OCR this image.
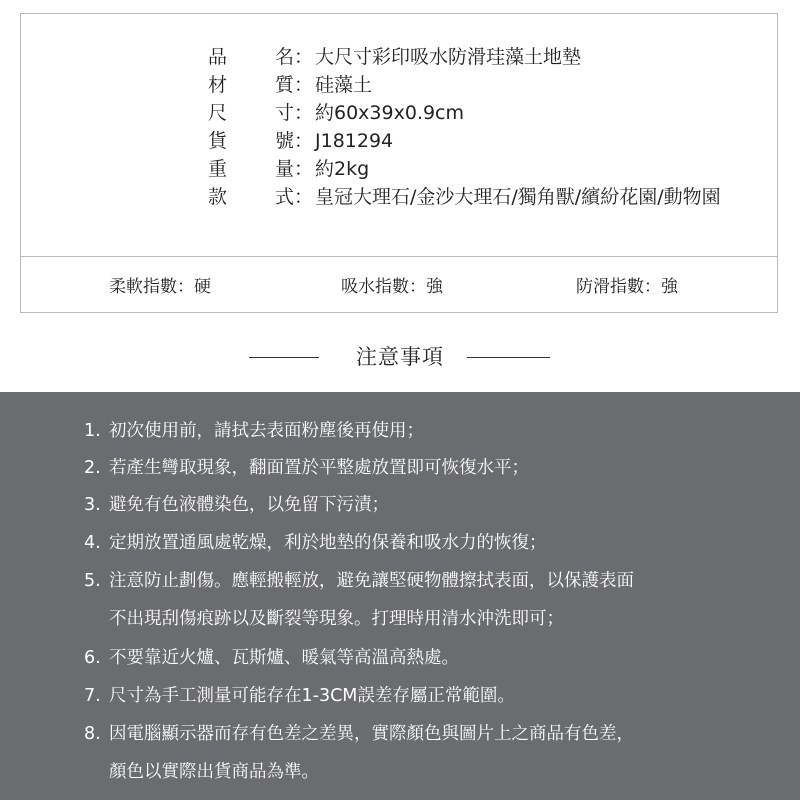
品	名： 大尺寸彩印吸水防滑珪藻土地墊
材	質： 硅藻土
尺	寸： 約60x39x0.9cm
貨	號： J181294
重	量： 約2kg
款	式： 皇冠大理石/金沙大理石/獨角獸/繽紛花園/動物園
柔軟指數：硬	吸水指數：強	防滑指數：強
注意事項
1. 初次使用前，請拭去表面粉塵後再使用；
2. 若產生彎取現象，翻面置於平整處放置即可恢復水平；
3. 避免有色液體染色，以免留下污漬；
4. 定期放置通風處乾燥，利於地墊的保養和吸水力的恢復；
5. 注意防止劃傷。應輕搬輕放，避免讓堅硬物體擦拭表面，以保護表面
不出現刮傷痕跡以及斷裂等現象。打理時用清水沖洗即可；
6. 不要靠近火爐、瓦斯爐、暖氣等高溫高熱處。
7. 尺寸為手工測量可能存在1-3CM誤差存屬正常範圍。
8. 因電腦顯示器而存有色差之差異，實際顏色與圖片上之商品有色差，
顏色以實際出貨商品為準。
